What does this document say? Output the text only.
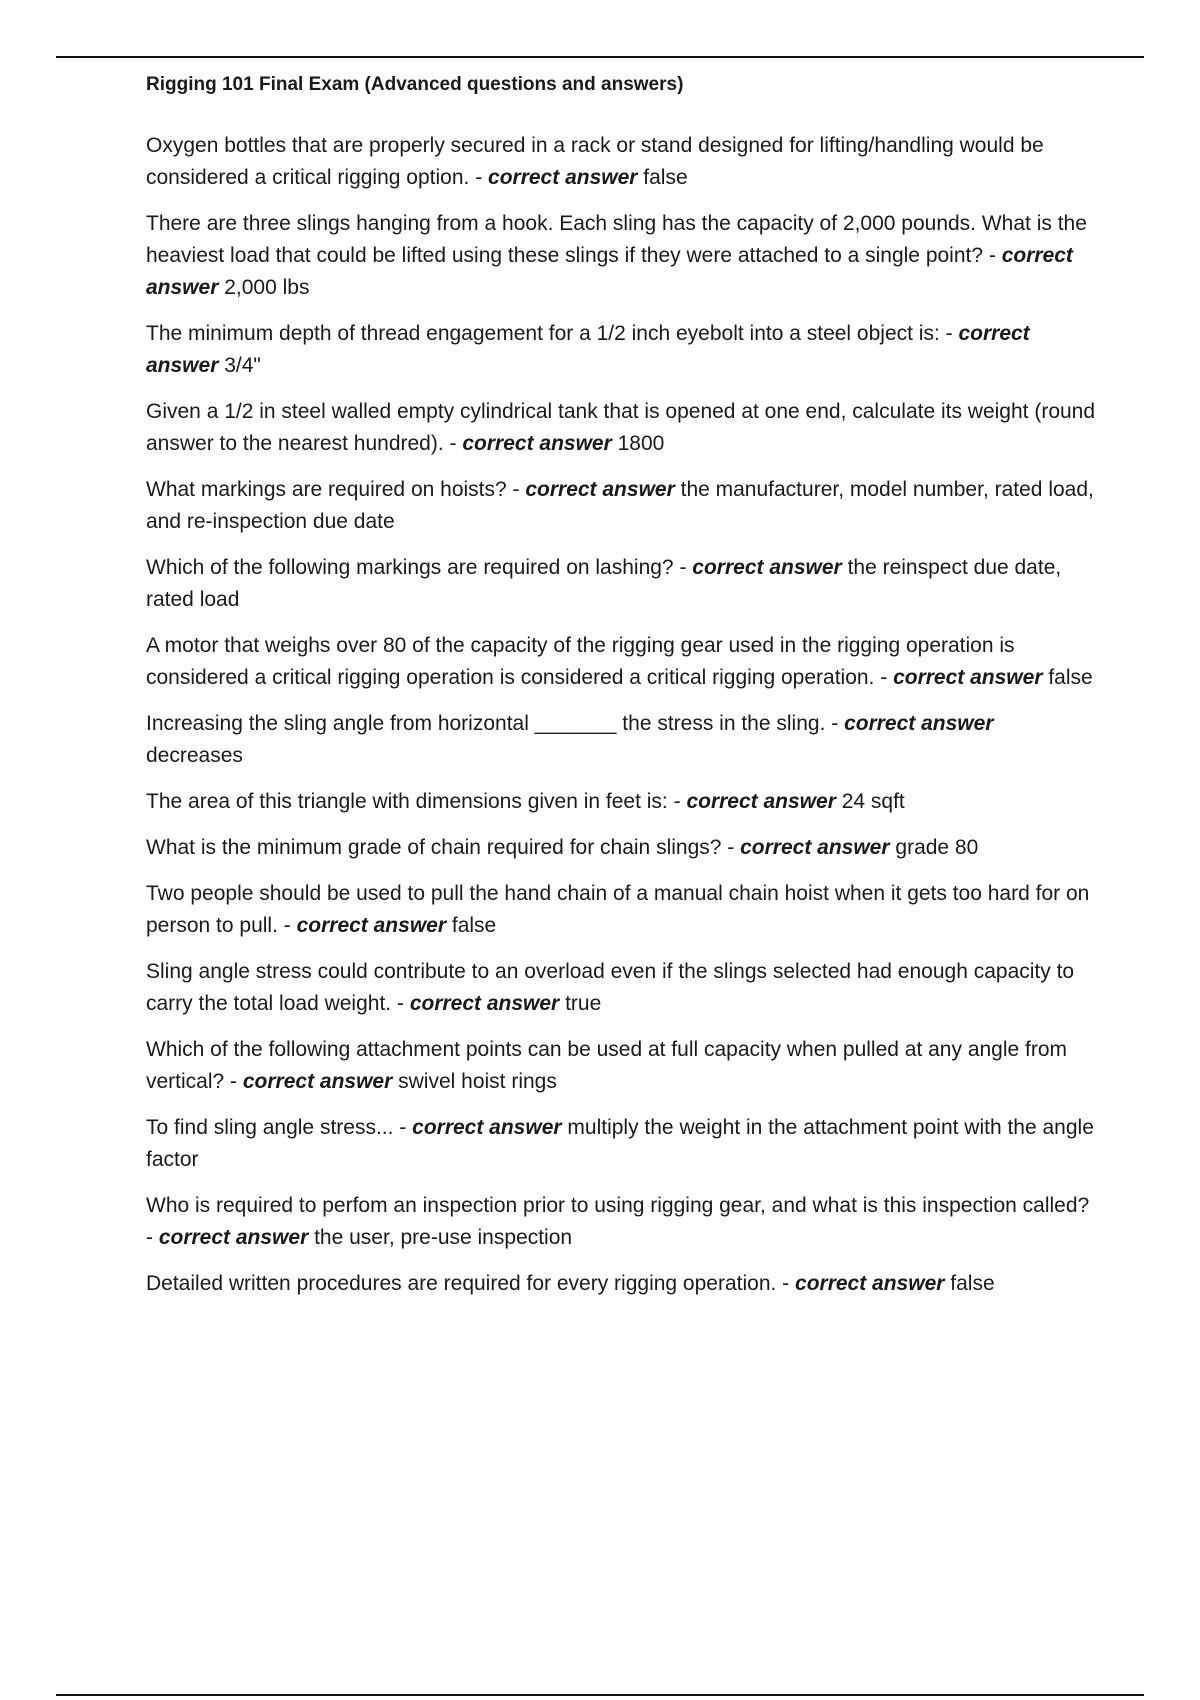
Rigging 101 Final Exam (Advanced questions and answers)

Oxygen bottles that are properly secured in a rack or stand designed for lifting/handling would be considered a critical rigging option. - correct answer false

There are three slings hanging from a hook. Each sling has the capacity of 2,000 pounds. What is the heaviest load that could be lifted using these slings if they were attached to a single point? - correct answer 2,000 lbs

The minimum depth of thread engagement for a 1/2 inch eyebolt into a steel object is: - correct answer 3/4"

Given a 1/2 in steel walled empty cylindrical tank that is opened at one end, calculate its weight (round answer to the nearest hundred). - correct answer 1800

What markings are required on hoists? - correct answer the manufacturer, model number, rated load, and re-inspection due date

Which of the following markings are required on lashing? - correct answer the reinspect due date, rated load

A motor that weighs over 80 of the capacity of the rigging gear used in the rigging operation is considered a critical rigging operation is considered a critical rigging operation. - correct answer false

Increasing the sling angle from horizontal _______ the stress in the sling. - correct answer decreases

The area of this triangle with dimensions given in feet is: - correct answer 24 sqft

What is the minimum grade of chain required for chain slings? - correct answer grade 80

Two people should be used to pull the hand chain of a manual chain hoist when it gets too hard for on person to pull. - correct answer false

Sling angle stress could contribute to an overload even if the slings selected had enough capacity to carry the total load weight. - correct answer true

Which of the following attachment points can be used at full capacity when pulled at any angle from vertical? - correct answer swivel hoist rings

To find sling angle stress... - correct answer multiply the weight in the attachment point with the angle factor

Who is required to perfom an inspection prior to using rigging gear, and what is this inspection called? - correct answer the user, pre-use inspection

Detailed written procedures are required for every rigging operation. - correct answer false
